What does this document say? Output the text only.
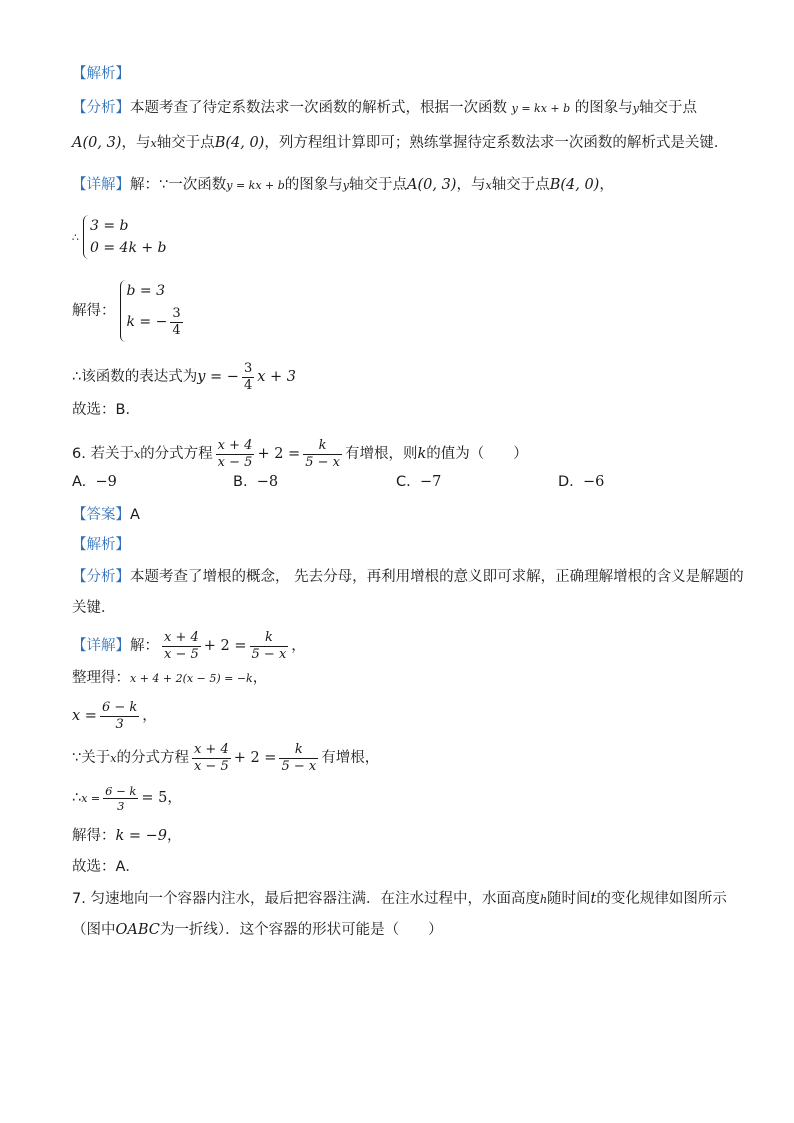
【解析】
【分析】本题考查了待定系数法求一次函数的解析式，根据一次函数 y = kx + b 的图象与y轴交于点
A(0, 3)，与x轴交于点B(4, 0)，列方程组计算即可；熟练掌握待定系数法求一次函数的解析式是关键．
【详解】解：∵一次函数y = kx + b的图象与y轴交于点A(0, 3)，与x轴交于点B(4, 0)，
∴
3 = b
0 = 4k + b
解得：
b = 3
k = − $\frac{3}{4}$
∴该函数的表达式为y = − $\frac{3}{4}$ x + 3
故选：B．
6. 若关于x的分式方程 $\frac{x + 4}{x - 5} + 2 = \frac{k}{5 - x}$ 有增根，则k的值为（　　）
A. −9	B. −8	C. −7	D. −6
【答案】A
【解析】
【分析】本题考查了增根的概念， 先去分母，再利用增根的意义即可求解，正确理解增根的含义是解题的
关键．
【详解】解： $\frac{x + 4}{x - 5} + 2 = \frac{k}{5 - x}$ ，
整理得：x + 4 + 2(x − 5) = −k，
$x = \frac{6 - k}{3}$ ，
∵关于x的分式方程 $\frac{x + 4}{x - 5} + 2 = \frac{k}{5 - x}$ 有增根，
∴x = $\frac{6 - k}{3} = 5$，
解得：k = −9，
故选：A．
7. 匀速地向一个容器内注水，最后把容器注满．在注水过程中，水面高度h随时间t的变化规律如图所示
（图中OABC为一折线）．这个容器的形状可能是（　　）
